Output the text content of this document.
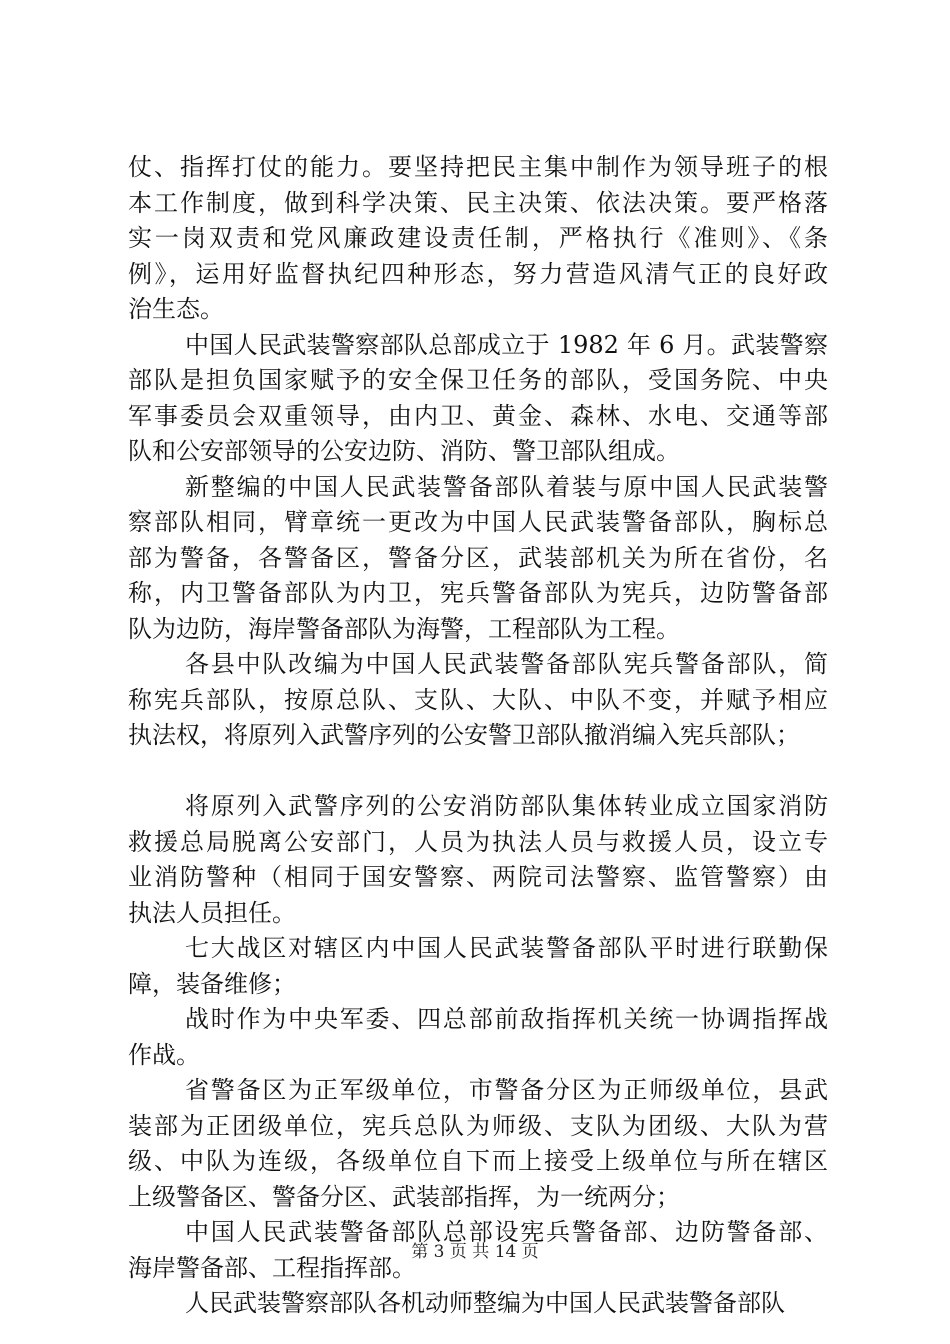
仗、指挥打仗的能力。要坚持把民主集中制作为领导班子的根
本工作制度，做到科学决策、民主决策、依法决策。要严格落
实一岗双责和党风廉政建设责任制，严格执行《准则》、《条
例》，运用好监督执纪四种形态，努力营造风清气正的良好政
治生态。
中国人民武装警察部队总部成立于 1982 年 6 月。武装警察
部队是担负国家赋予的安全保卫任务的部队，受国务院、中央
军事委员会双重领导，由内卫、黄金、森林、水电、交通等部
队和公安部领导的公安边防、消防、警卫部队组成。
新整编的中国人民武装警备部队着装与原中国人民武装警
察部队相同，臂章统一更改为中国人民武装警备部队，胸标总
部为警备，各警备区，警备分区，武装部机关为所在省份，名
称，内卫警备部队为内卫，宪兵警备部队为宪兵，边防警备部
队为边防，海岸警备部队为海警，工程部队为工程。
各县中队改编为中国人民武装警备部队宪兵警备部队，简
称宪兵部队，按原总队、支队、大队、中队不变，并赋予相应
执法权，将原列入武警序列的公安警卫部队撤消编入宪兵部队；
将原列入武警序列的公安消防部队集体转业成立国家消防
救援总局脱离公安部门，人员为执法人员与救援人员，设立专
业消防警种（相同于国安警察、两院司法警察、监管警察）由
执法人员担任。
七大战区对辖区内中国人民武装警备部队平时进行联勤保
障，装备维修；
战时作为中央军委、四总部前敌指挥机关统一协调指挥战
作战。
省警备区为正军级单位，市警备分区为正师级单位，县武
装部为正团级单位，宪兵总队为师级、支队为团级、大队为营
级、中队为连级，各级单位自下而上接受上级单位与所在辖区
上级警备区、警备分区、武装部指挥，为一统两分；
中国人民武装警备部队总部设宪兵警备部、边防警备部、
海岸警备部、工程指挥部。
人民武装警察部队各机动师整编为中国人民武装警备部队
第 3 页 共 14 页
